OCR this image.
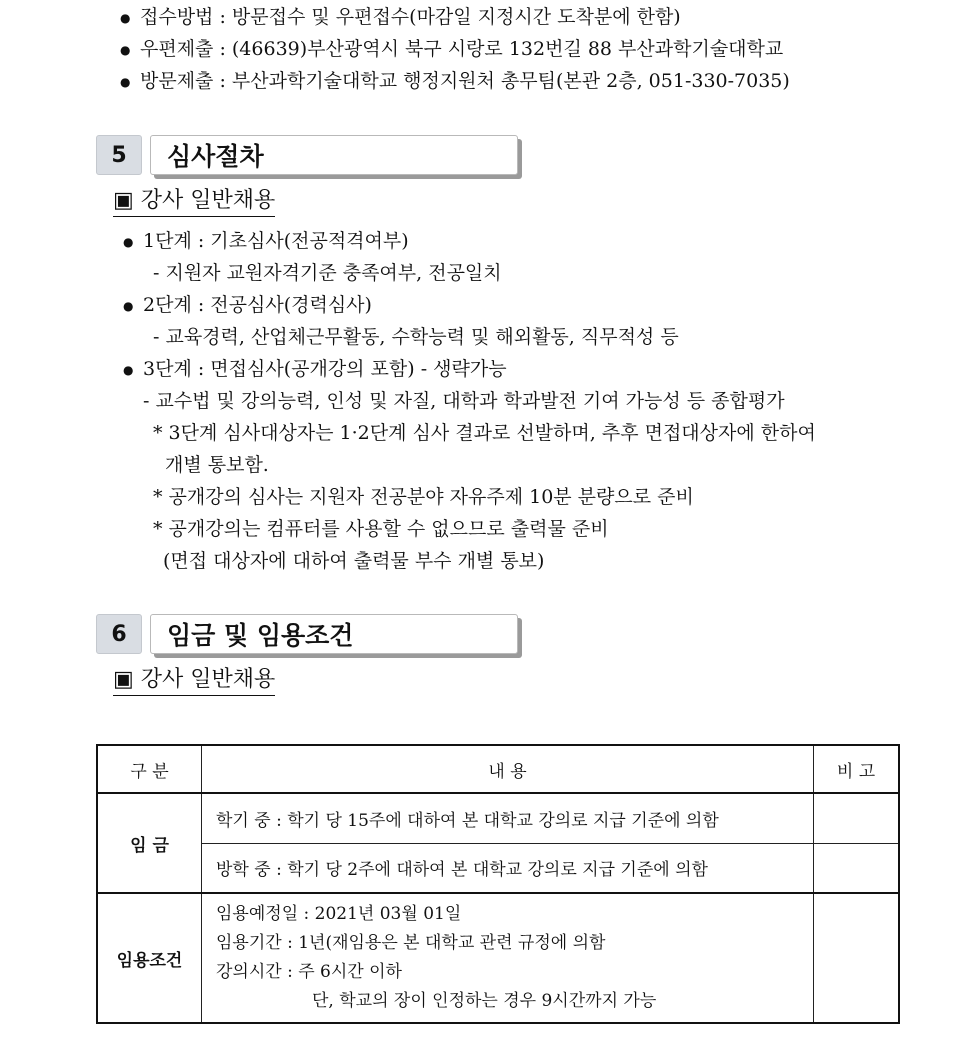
● 접수방법 : 방문접수 및 우편접수(마감일 지정시간 도착분에 한함)
● 우편제출 : (46639)부산광역시 북구 시랑로 132번길 88 부산과학기술대학교
● 방문제출 : 부산과학기술대학교 행정지원처 총무팀(본관 2층, 051-330-7035)
5	심사절차
▣ 강사 일반채용
● 1단계 : 기초심사(전공적격여부)
- 지원자 교원자격기준 충족여부, 전공일치
● 2단계 : 전공심사(경력심사)
- 교육경력, 산업체근무활동, 수학능력 및 해외활동, 직무적성 등
● 3단계 : 면접심사(공개강의 포함) - 생략가능
- 교수법 및 강의능력, 인성 및 자질, 대학과 학과발전 기여 가능성 등 종합평가
* 3단계 심사대상자는 1·2단계 심사 결과로 선발하며, 추후 면접대상자에 한하여
개별 통보함.
* 공개강의 심사는 지원자 전공분야 자유주제 10분 분량으로 준비
* 공개강의는 컴퓨터를 사용할 수 없으므로 출력물 준비
(면접 대상자에 대하여 출력물 부수 개별 통보)
6	임금 및 임용조건
▣ 강사 일반채용
구 분	내 용	비 고
임 금	학기 중 : 학기 당 15주에 대하여 본 대학교 강의로 지급 기준에 의함	
	방학 중 : 학기 당 2주에 대하여 본 대학교 강의로 지급 기준에 의함	
임용조건	임용예정일 : 2021년 03월 01일
임용기간 : 1년(재임용은 본 대학교 관련 규정에 의함
강의시간 : 주 6시간 이하
단, 학교의 장이 인정하는 경우 9시간까지 가능	
